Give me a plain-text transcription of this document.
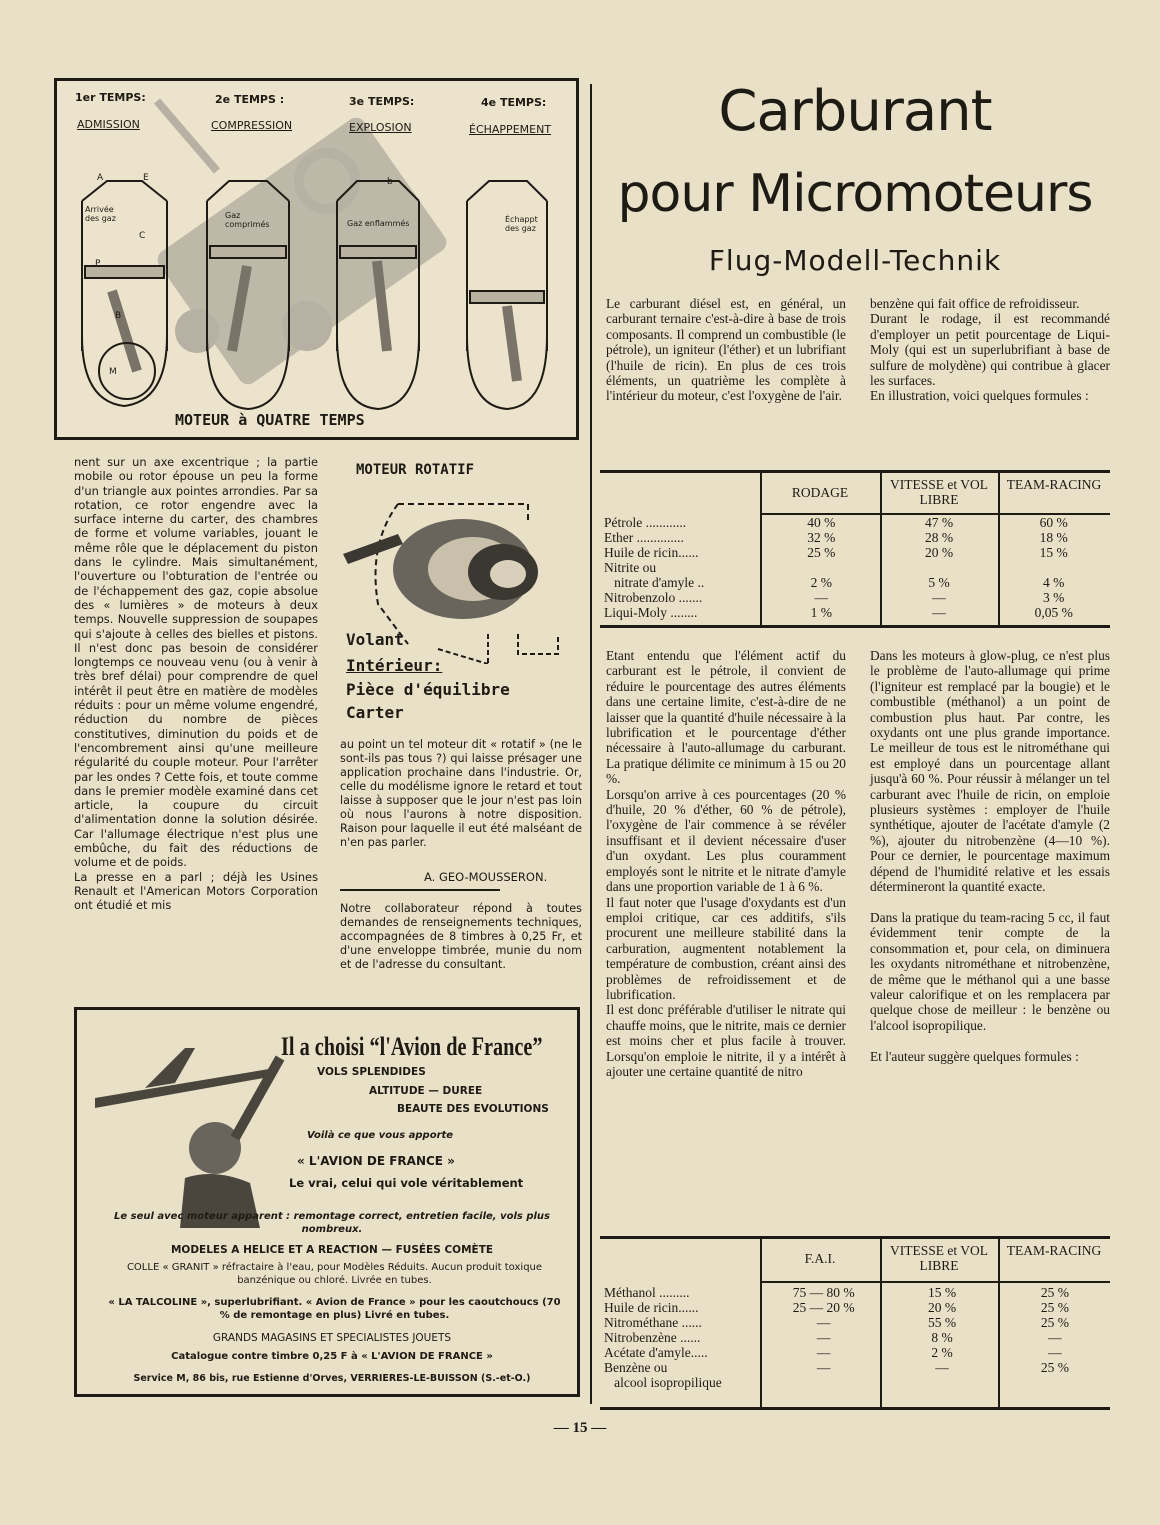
1er TEMPS:
ADMISSION
2e TEMPS :
COMPRESSION
3e TEMPS:
EXPLOSION
4e TEMPS:
ÉCHAPPEMENT
Arrivée des gaz	Gaz comprimés	Gaz enflammés	Échappt des gaz
A	E
C
P
B
M
b
MOTEUR à QUATRE TEMPS
nent sur un axe excentrique ; la partie mobile ou rotor épouse un peu la forme d'un triangle aux pointes arrondies. Par sa rotation, ce rotor engendre avec la surface interne du carter, des chambres de forme et volume variables, jouant le même rôle que le déplacement du piston dans le cylindre. Mais simultanément, l'ouverture ou l'obturation de l'entrée ou de l'échappement des gaz, copie absolue des « lumières » de moteurs à deux temps. Nouvelle suppression de soupapes qui s'ajoute à celles des bielles et pistons. Il n'est donc pas besoin de considérer longtemps ce nouveau venu (ou à venir à très bref délai) pour comprendre de quel intérêt il peut être en matière de modèles réduits : pour un même volume engendré, réduction du nombre de pièces constitutives, diminution du poids et de l'encombrement ainsi qu'une meilleure régularité du couple moteur. Pour l'arrêter par les ondes ? Cette fois, et toute comme dans le premier modèle examiné dans cet article, la coupure du circuit d'alimentation donne la solution désirée. Car l'allumage électrique n'est plus une embûche, du fait des réductions de volume et de poids.
La presse en a parl ; déjà les Usines Renault et l'American Motors Corporation ont étudié et mis
MOTEUR ROTATIF
Volant
Intérieur:
Pièce d'équilibre
Carter
au point un tel moteur dit « rotatif » (ne le sont-ils pas tous ?) qui laisse présager une application prochaine dans l'industrie. Or, celle du modélisme ignore le retard et tout laisse à supposer que le jour n'est pas loin où nous l'aurons à notre disposition. Raison pour laquelle il eut été malséant de n'en pas parler.
A. GEO-MOUSSERON.
Notre collaborateur répond à toutes demandes de renseignements techniques, accompagnées de 8 timbres à 0,25 Fr, et d'une enveloppe timbrée, munie du nom et de l'adresse du consultant.
Il a choisi “l'Avion de France”
VOLS SPLENDIDES
ALTITUDE — DUREE
BEAUTE DES EVOLUTIONS
Voilà ce que vous apporte
« L'AVION DE FRANCE »
Le vrai, celui qui vole véritablement
Le seul avec moteur apparent : remontage correct, entretien facile, vols plus nombreux.
MODELES A HELICE ET A REACTION — FUSÉES COMÈTE
COLLE « GRANIT » réfractaire à l'eau, pour Modèles Réduits. Aucun produit toxique banzénique ou chloré. Livrée en tubes.
« LA TALCOLINE », superlubrifiant. « Avion de France » pour les caoutchoucs (70 % de remontage en plus) Livré en tubes.
GRANDS MAGASINS ET SPECIALISTES JOUETS
Catalogue contre timbre 0,25 F à « L'AVION DE FRANCE »
Service M, 86 bis, rue Estienne d'Orves, VERRIERES-LE-BUISSON (S.-et-O.)
Carburant
pour Micromoteurs
Flug-Modell-Technik
Le carburant diésel est, en général, un carburant ternaire c'est-à-dire à base de trois composants. Il comprend un combustible (le pétrole), un igniteur (l'éther) et un lubrifiant (l'huile de ricin). En plus de ces trois éléments, un quatrième les complète à l'intérieur du moteur, c'est l'oxygène de l'air.
benzène qui fait office de refroidisseur.
Durant le rodage, il est recommandé d'employer un petit pourcentage de Liqui-Moly (qui est un superlubrifiant à base de sulfure de molydène) qui contribue à glacer les surfaces.
En illustration, voici quelques formules :
RODAGE
VITESSE et VOL LIBRE
TEAM-RACING
Pétrole ............	40 %	47 %	60 %
Ether ..............	32 %	28 %	18 %
Huile de ricin......	25 %	20 %	15 %
Nitrite ou			
nitrate d'amyle ..	2 %	5 %	4 %
Nitrobenzolo .......	—	—	3 %
Liqui-Moly ........	1 %	—	0,05 %
Etant entendu que l'élément actif du carburant est le pétrole, il convient de réduire le pourcentage des autres éléments dans une certaine limite, c'est-à-dire de ne laisser que la quantité d'huile nécessaire à la lubrification et le pourcentage d'éther nécessaire à l'auto-allumage du carburant. La pratique délimite ce minimum à 15 ou 20 %.
Lorsqu'on arrive à ces pourcentages (20 % d'huile, 20 % d'éther, 60 % de pétrole), l'oxygène de l'air commence à se révéler insuffisant et il devient nécessaire d'user d'un oxydant. Les plus couramment employés sont le nitrite et le nitrate d'amyle dans une proportion variable de 1 à 6 %.
Il faut noter que l'usage d'oxydants est d'un emploi critique, car ces additifs, s'ils procurent une meilleure stabilité dans la carburation, augmentent notablement la température de combustion, créant ainsi des problèmes de refroidissement et de lubrification.
Il est donc préférable d'utiliser le nitrate qui chauffe moins, que le nitrite, mais ce dernier est moins cher et plus facile à trouver. Lorsqu'on emploie le nitrite, il y a intérêt à ajouter une certaine quantité de nitro
Dans les moteurs à glow-plug, ce n'est plus le problème de l'auto-allumage qui prime (l'igniteur est remplacé par la bougie) et le combustible (méthanol) a un point de combustion plus haut. Par contre, les oxydants ont une plus grande importance. Le meilleur de tous est le nitrométhane qui est employé dans un pourcentage allant jusqu'à 60 %. Pour réussir à mélanger un tel carburant avec l'huile de ricin, on emploie plusieurs systèmes : employer de l'huile synthétique, ajouter de l'acétate d'amyle (2 %), ajouter du nitrobenzène (4—10 %). Pour ce dernier, le pourcentage maximum dépend de l'humidité relative et les essais détermineront la quantité exacte.

Dans la pratique du team-racing 5 cc, il faut évidemment tenir compte de la consommation et, pour cela, on diminuera les oxydants nitrométhane et nitrobenzène, de même que le méthanol qui a une basse valeur calorifique et on les remplacera par quelque chose de meilleur : le benzène ou l'alcool isopropilique.

Et l'auteur suggère quelques formules :
F.A.I.
VITESSE et VOL LIBRE
TEAM-RACING
Méthanol .........	75 — 80 %	15 %	25 %
Huile de ricin......	25 — 20 %	20 %	25 %
Nitrométhane ......	—	55 %	25 %
Nitrobenzène ......	—	8 %	—
Acétate d'amyle.....	—	2 %	—
Benzène ou	—	—	25 %
alcool isopropilique			
— 15 —
